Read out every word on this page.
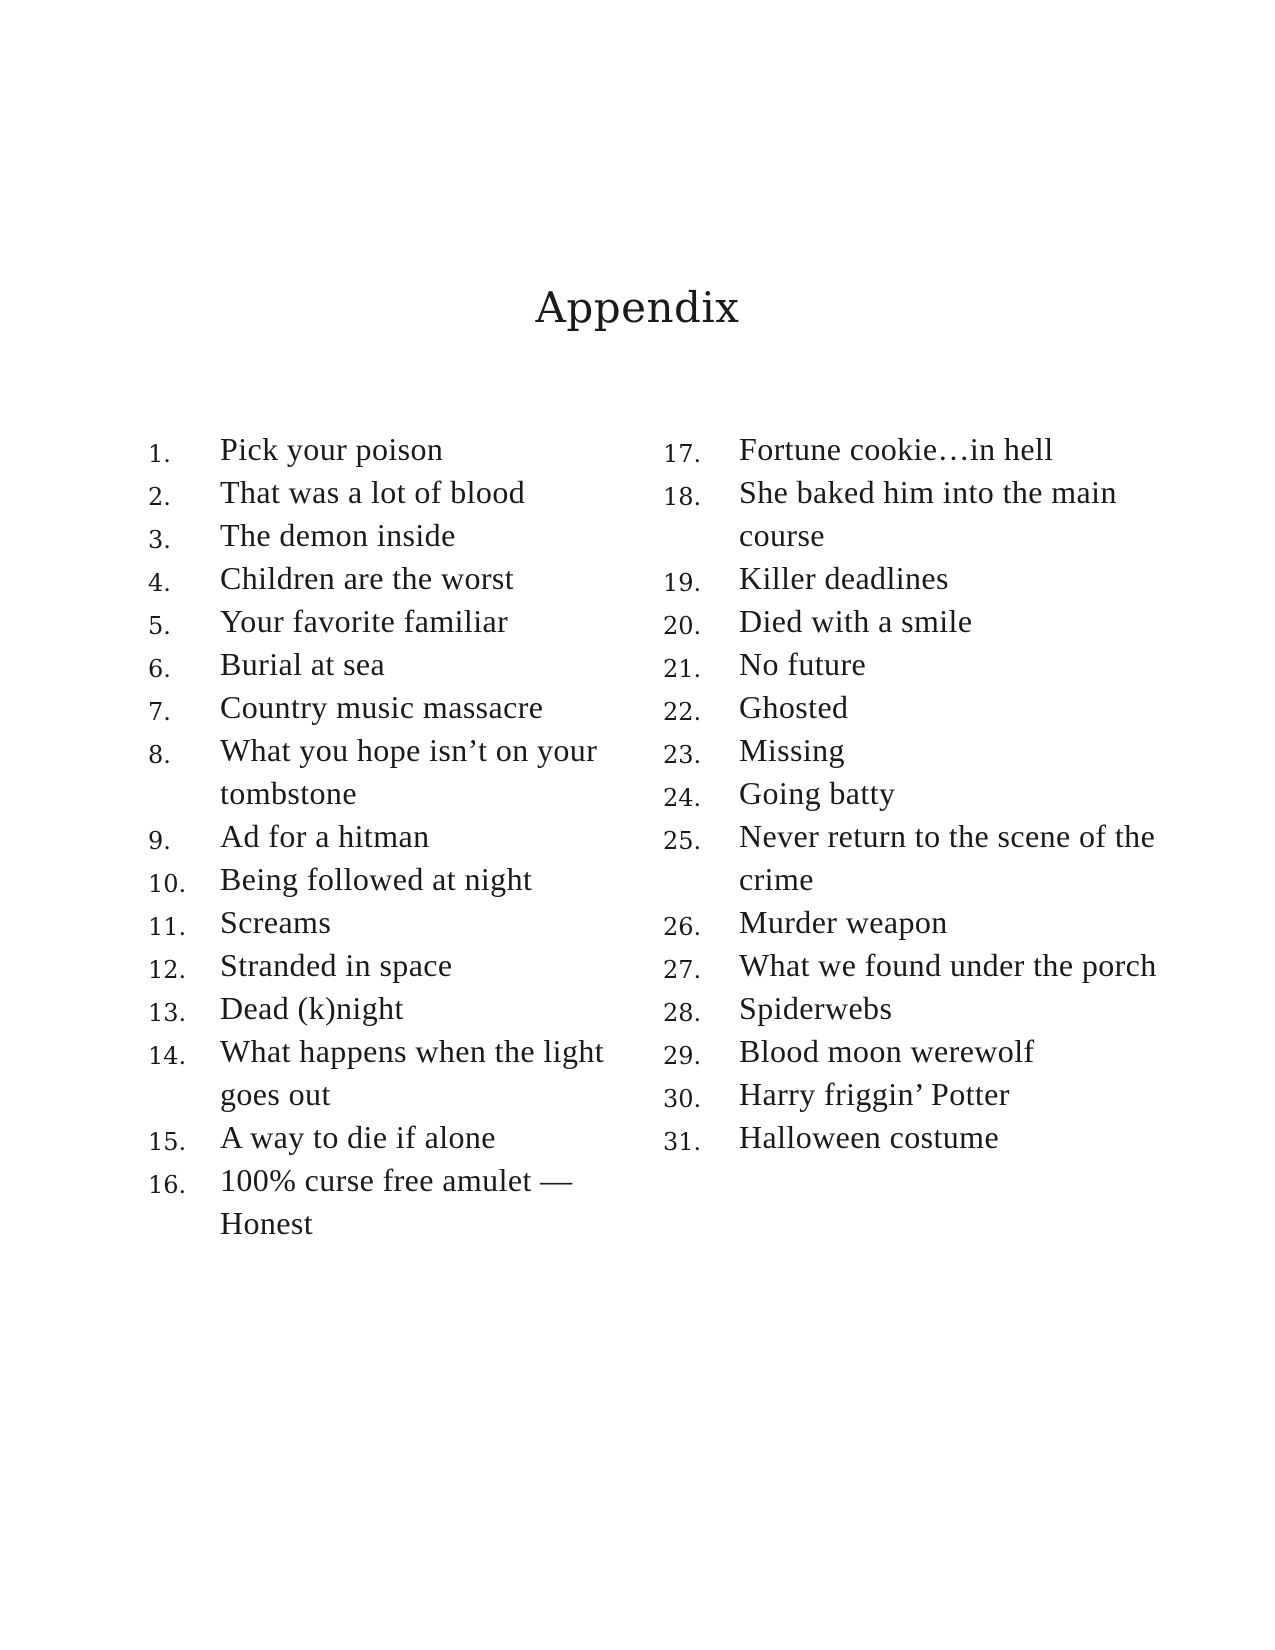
Appendix
1.	Pick your poison
2.	That was a lot of blood
3.	The demon inside
4.	Children are the worst
5.	Your favorite familiar
6.	Burial at sea
7.	Country music massacre
8.	What you hope isn’t on your tombstone
9.	Ad for a hitman
10.	Being followed at night
11.	Screams
12.	Stranded in space
13.	Dead (k)night
14.	What happens when the light goes out
15.	A way to die if alone
16.	100% curse free amulet — Honest
17.	Fortune cookie…in hell
18.	She baked him into the main course
19.	Killer deadlines
20.	Died with a smile
21.	No future
22.	Ghosted
23.	Missing
24.	Going batty
25.	Never return to the scene of the crime
26.	Murder weapon
27.	What we found under the porch
28.	Spiderwebs
29.	Blood moon werewolf
30.	Harry friggin’ Potter
31.	Halloween costume
